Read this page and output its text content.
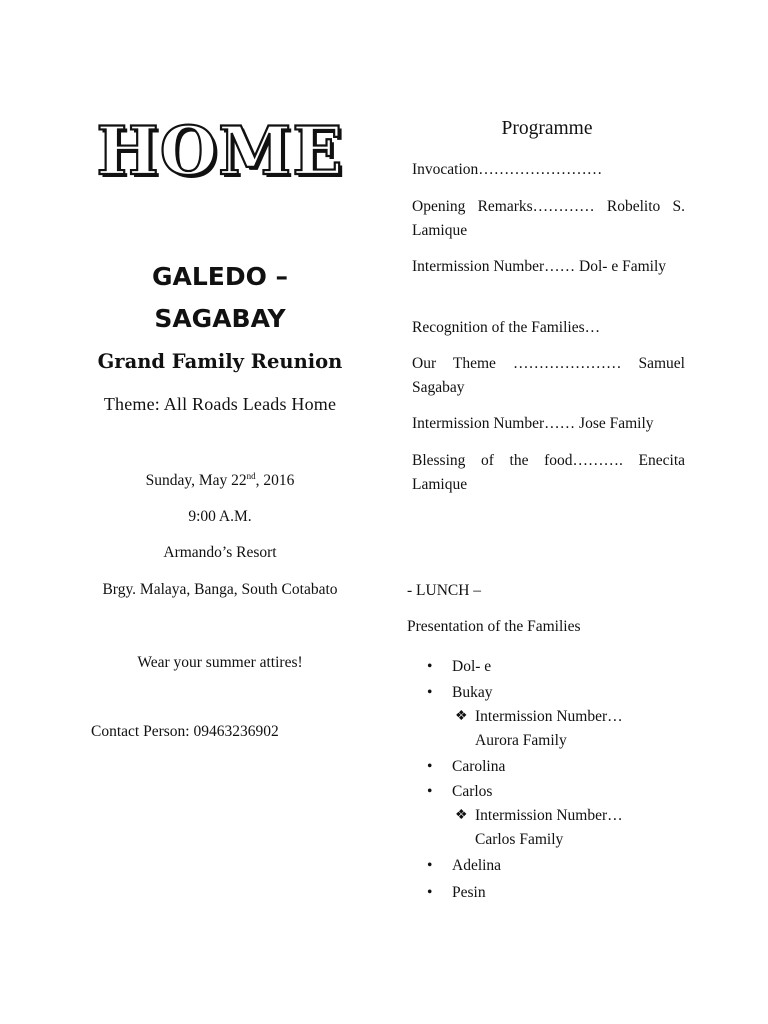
HOME
GALEDO –
SAGABAY
Grand Family Reunion
Theme: All Roads Leads Home
Sunday, May 22nd, 2016
9:00 A.M.
Armando’s Resort
Brgy. Malaya, Banga, South Cotabato
Wear your summer attires!
Contact Person: 09463236902
Programme
Invocation……………………
Opening Remarks………… Robelito S. Lamique
Intermission Number…… Dol- e Family
Recognition of the Families…
Our Theme ………………… Samuel Sagabay
Intermission Number…… Jose Family
Blessing of the food………. Enecita Lamique
- LUNCH –
Presentation of the Families
• Dol- e
• Bukay
❖ Intermission Number…
Aurora Family
• Carolina
• Carlos
❖ Intermission Number…
Carlos Family
• Adelina
• Pesin
